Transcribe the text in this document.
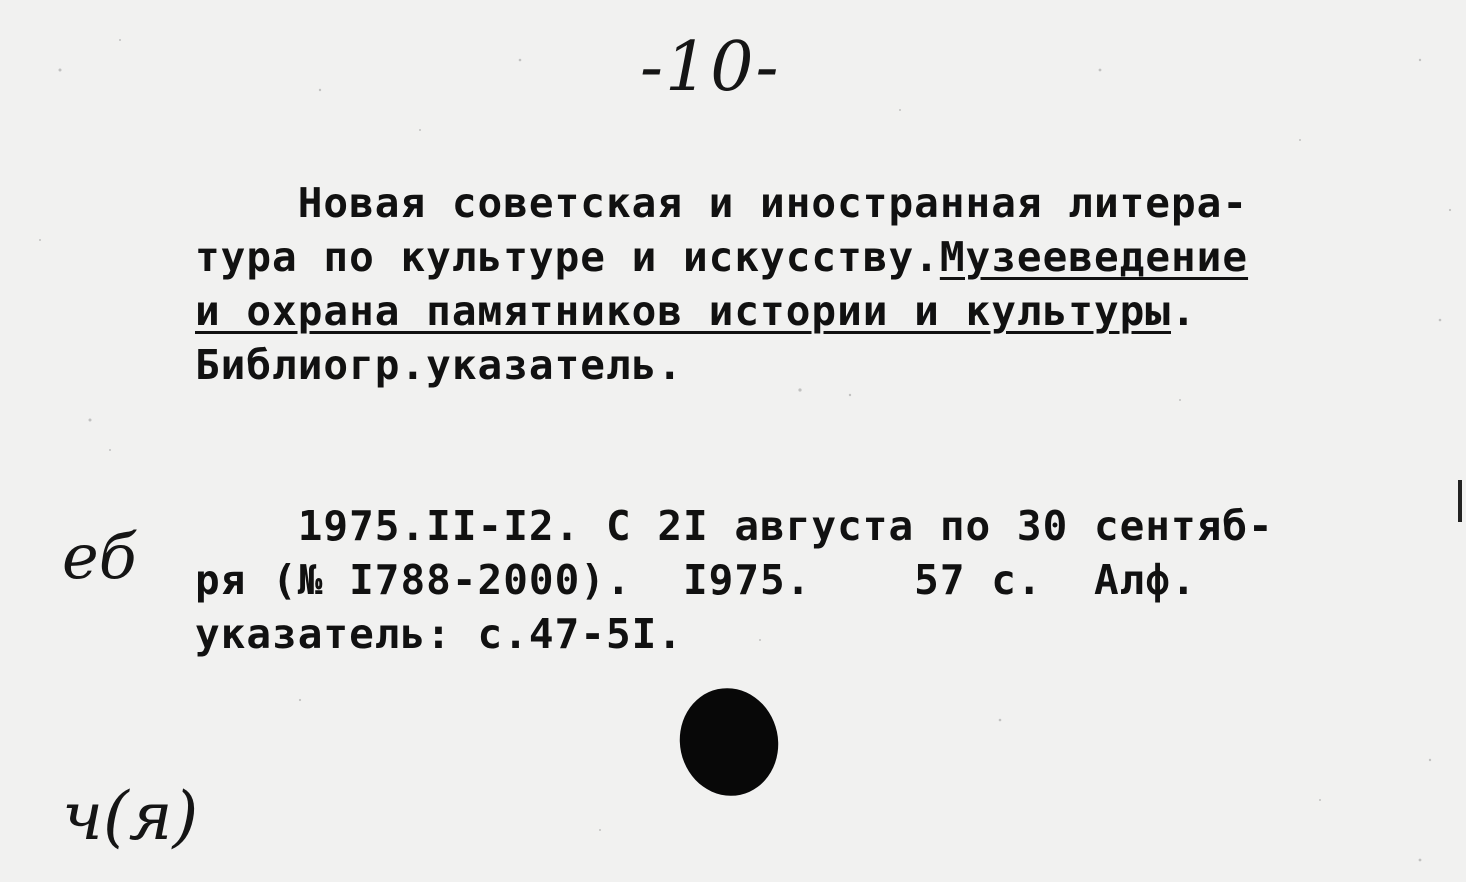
-10-
Новая советская и иностранная литера-
тура по культуре и искусству.Музееведение
и охрана памятников истории и культуры.
Библиогр.указатель.
1975.II-I2. С 2I августа по 30 сентяб-
ря (№ I788-2000).  I975.    57 с.  Алф.
указатель: с.47-5I.
eб
ч(я)
